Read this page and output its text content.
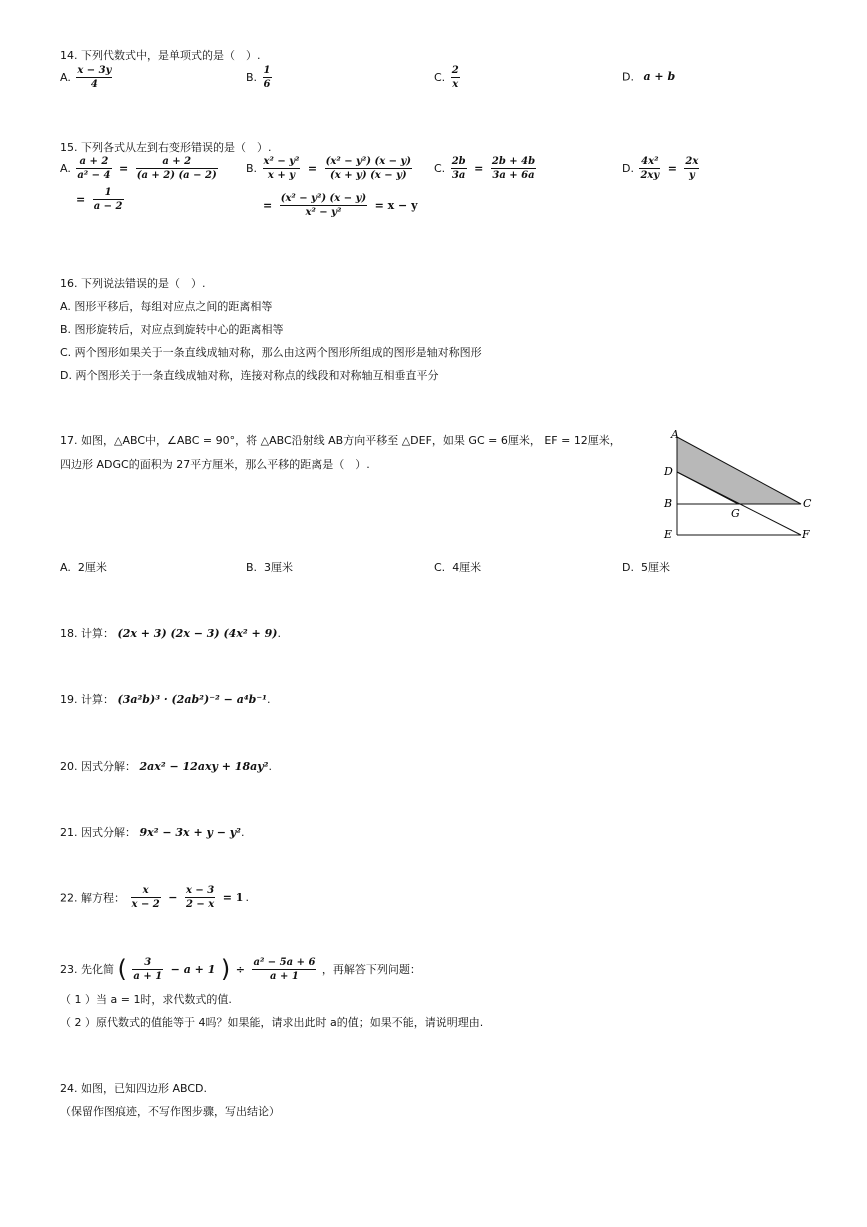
14. 下列代数式中，是单项式的是（　）.
A. $\frac{x - 3y}{4}$	B. $\frac{1}{6}$	C. $\frac{2}{x}$	D. a + b
15. 下列各式从左到右变形错误的是（　）.
A. $\frac{a + 2}{\text{a² − 4}} = \frac{a + 2}{(a + 2) (a - 2)}$
= $\frac{1}{a - 2}$
B. $\frac{\text{x² − y²}}{x + y} = \frac{\text{(x² − y²) (x − y)}}{(x + y) (x - y)}$
= $\frac{\text{(x² − y²) (x − y)}}{\text{x² − y²}} = x - y$
C. $\frac{2b}{3a} = \frac{2b + 4b}{3a + 6a}$	D. $\frac{\text{4x²}}{2xy} = \frac{2x}{y}$
16. 下列说法错误的是（　）.
A. 图形平移后，每组对应点之间的距离相等
B. 图形旋转后，对应点到旋转中心的距离相等
C. 两个图形如果关于一条直线成轴对称，那么由这两个图形所组成的图形是轴对称图形
D. 两个图形关于一条直线成轴对称，连接对称点的线段和对称轴互相垂直平分
17. 如图，△ABC中，∠ABC = 90°，将 △ABC沿射线 AB方向平移至 △DEF，如果 GC = 6厘米， EF = 12厘米，
四边形 ADGC的面积为 27平方厘米，那么平移的距离是（　）.
A
D
B
G
C
E	F
A. 2厘米	B. 3厘米	C. 4厘米	D. 5厘米
18. 计算： (2x + 3) (2x − 3) (4x² + 9).
19. 计算： (3a²b)³ · (2ab²)⁻² − a⁴b⁻¹.
20. 因式分解： 2ax² − 12axy + 18ay².
21. 因式分解： 9x² − 3x + y − y².
22. 解方程： $\frac{x}{x - 2} - \frac{x - 3}{2 - x} = 1$ .
23. 先化简 ( $\frac{3}{a + 1} - a + 1$ ) ÷ $\frac{\text{a² − 5a + 6}}{a + 1}$ ，再解答下列问题：
（ 1 ）当 a = 1时，求代数式的值.
（ 2 ）原代数式的值能等于 4吗？如果能，请求出此时 a的值；如果不能，请说明理由.
24. 如图，已知四边形 ABCD.
（保留作图痕迹，不写作图步骤，写出结论）
